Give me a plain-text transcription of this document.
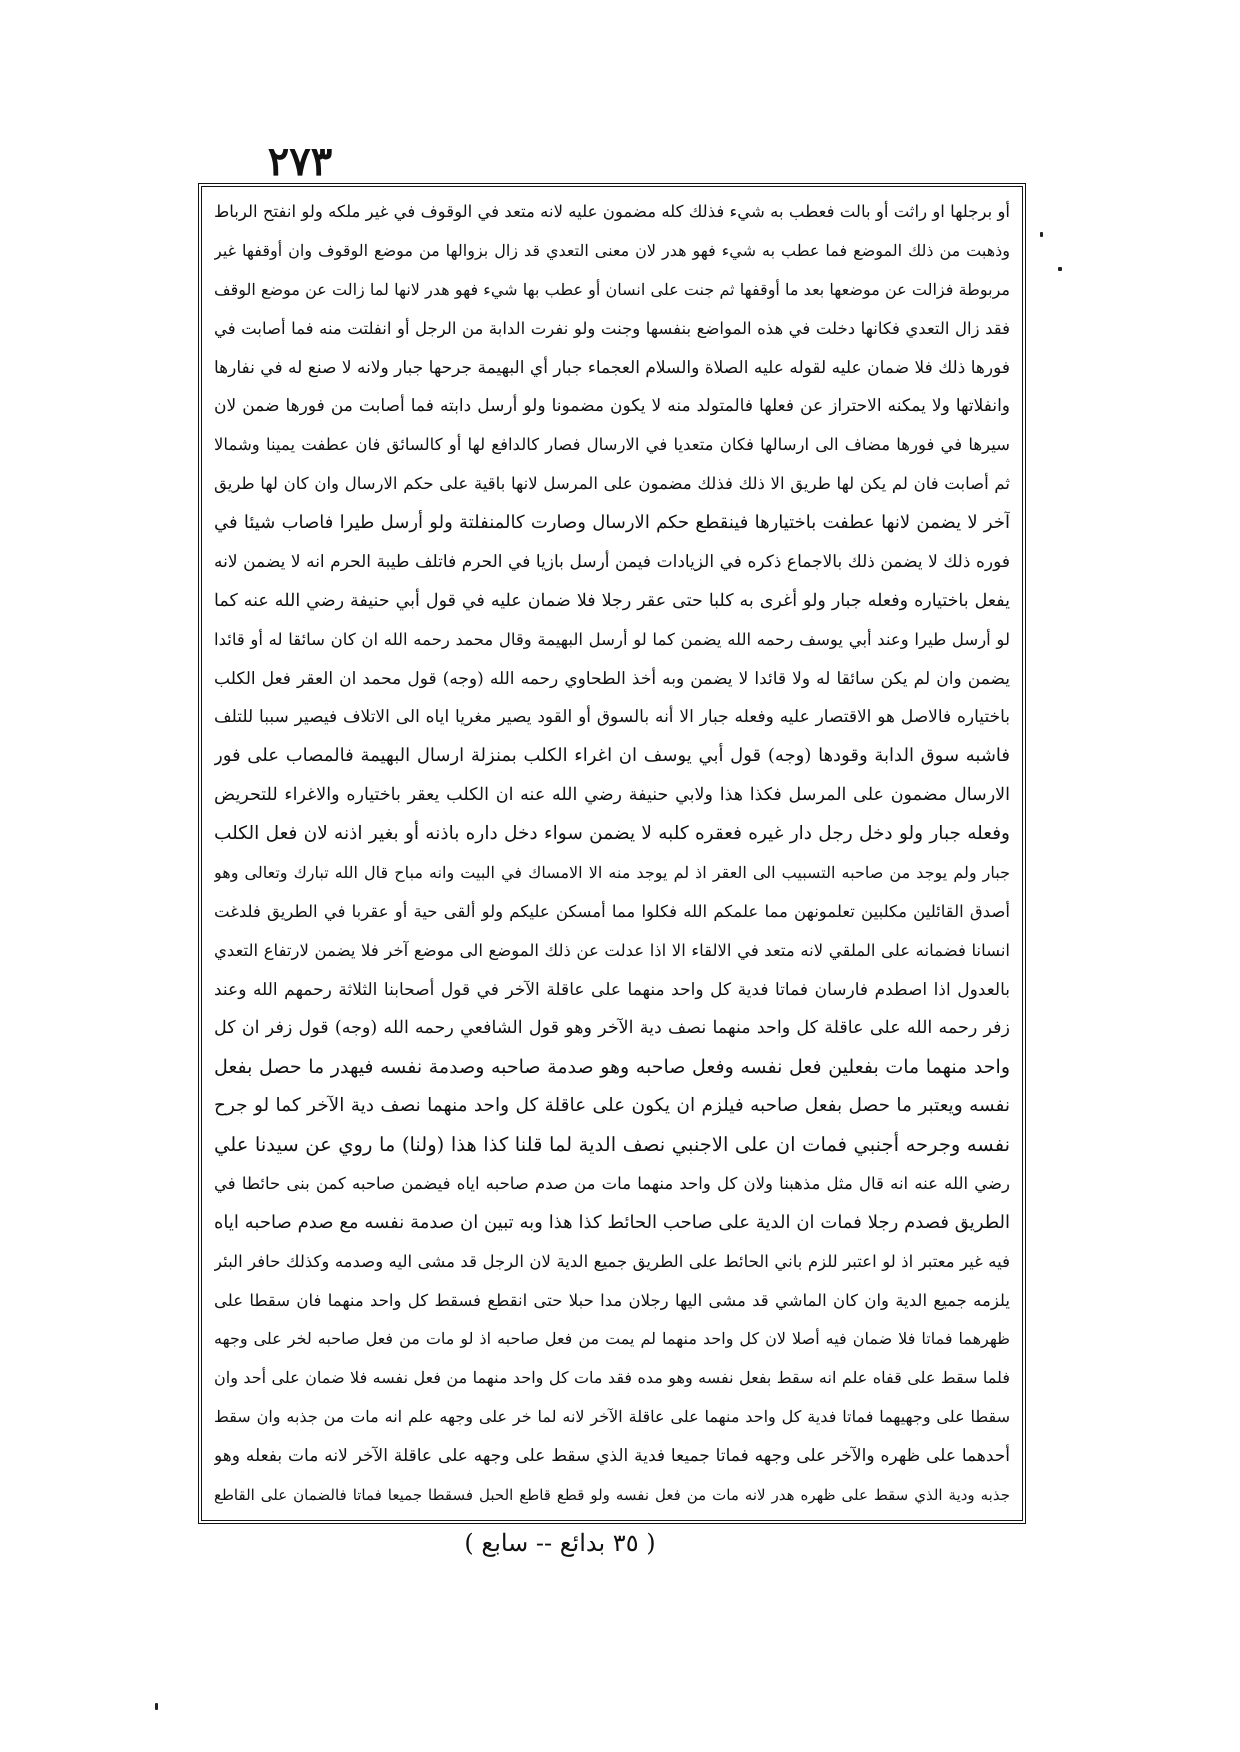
٢٧٣
أو برجلها او راثت أو بالت فعطب به شيء فذلك كله مضمون عليه لانه متعد في الوقوف في غير ملكه ولو انفتح الرباط
وذهبت من ذلك الموضع فما عطب به شيء فهو هدر لان معنى التعدي قد زال بزوالها من موضع الوقوف وان أوقفها غير
مربوطة فزالت عن موضعها بعد ما أوقفها ثم جنت على انسان أو عطب بها شيء فهو هدر لانها لما زالت عن موضع الوقف
فقد زال التعدي فكانها دخلت في هذه المواضع بنفسها وجنت ولو نفرت الدابة من الرجل أو انفلتت منه فما أصابت في
فورها ذلك فلا ضمان عليه لقوله عليه الصلاة والسلام العجماء جبار أي البهيمة جرحها جبار ولانه لا صنع له في نفارها
وانفلاتها ولا يمكنه الاحتراز عن فعلها فالمتولد منه لا يكون مضمونا ولو أرسل دابته فما أصابت من فورها ضمن لان
سيرها في فورها مضاف الى ارسالها فكان متعديا في الارسال فصار كالدافع لها أو كالسائق فان عطفت يمينا وشمالا
ثم أصابت فان لم يكن لها طريق الا ذلك فذلك مضمون على المرسل لانها باقية على حكم الارسال وان كان لها طريق
آخر لا يضمن لانها عطفت باختيارها فينقطع حكم الارسال وصارت كالمنفلتة ولو أرسل طيرا فاصاب شيئا في
فوره ذلك لا يضمن ذلك بالاجماع ذكره في الزيادات فيمن أرسل بازيا في الحرم فاتلف طيبة الحرم انه لا يضمن لانه
يفعل باختياره وفعله جبار ولو أغرى به كلبا حتى عقر رجلا فلا ضمان عليه في قول أبي حنيفة رضي الله عنه كما
لو أرسل طيرا وعند أبي يوسف رحمه الله يضمن كما لو أرسل البهيمة وقال محمد رحمه الله ان كان سائقا له أو قائدا
يضمن وان لم يكن سائقا له ولا قائدا لا يضمن وبه أخذ الطحاوي رحمه الله (وجه) قول محمد ان العقر فعل الكلب
باختياره فالاصل هو الاقتصار عليه وفعله جبار الا أنه بالسوق أو القود يصير مغريا اياه الى الاتلاف فيصير سببا للتلف
فاشبه سوق الدابة وقودها (وجه) قول أبي يوسف ان اغراء الكلب بمنزلة ارسال البهيمة فالمصاب على فور
الارسال مضمون على المرسل فكذا هذا ولابي حنيفة رضي الله عنه ان الكلب يعقر باختياره والاغراء للتحريض
وفعله جبار ولو دخل رجل دار غيره فعقره كلبه لا يضمن سواء دخل داره باذنه أو بغير اذنه لان فعل الكلب
جبار ولم يوجد من صاحبه التسبيب الى العقر اذ لم يوجد منه الا الامساك في البيت وانه مباح قال الله تبارك وتعالى وهو
أصدق القائلين مكلبين تعلمونهن مما علمكم الله فكلوا مما أمسكن عليكم ولو ألقى حية أو عقربا في الطريق فلدغت
انسانا فضمانه على الملقي لانه متعد في الالقاء الا اذا عدلت عن ذلك الموضع الى موضع آخر فلا يضمن لارتفاع التعدي
بالعدول اذا اصطدم فارسان فماتا فدية كل واحد منهما على عاقلة الآخر في قول أصحابنا الثلاثة رحمهم الله وعند
زفر رحمه الله على عاقلة كل واحد منهما نصف دية الآخر وهو قول الشافعي رحمه الله (وجه) قول زفر ان كل
واحد منهما مات بفعلين فعل نفسه وفعل صاحبه وهو صدمة صاحبه وصدمة نفسه فيهدر ما حصل بفعل
نفسه ويعتبر ما حصل بفعل صاحبه فيلزم ان يكون على عاقلة كل واحد منهما نصف دية الآخر كما لو جرح
نفسه وجرحه أجنبي فمات ان على الاجنبي نصف الدية لما قلنا كذا هذا (ولنا) ما روي عن سيدنا علي
رضي الله عنه انه قال مثل مذهبنا ولان كل واحد منهما مات من صدم صاحبه اياه فيضمن صاحبه كمن بنى حائطا في
الطريق فصدم رجلا فمات ان الدية على صاحب الحائط كذا هذا وبه تبين ان صدمة نفسه مع صدم صاحبه اياه
فيه غير معتبر اذ لو اعتبر للزم باني الحائط على الطريق جميع الدية لان الرجل قد مشى اليه وصدمه وكذلك حافر البئر
يلزمه جميع الدية وان كان الماشي قد مشى اليها رجلان مدا حبلا حتى انقطع فسقط كل واحد منهما فان سقطا على
ظهرهما فماتا فلا ضمان فيه أصلا لان كل واحد منهما لم يمت من فعل صاحبه اذ لو مات من فعل صاحبه لخر على وجهه
فلما سقط على قفاه علم انه سقط بفعل نفسه وهو مده فقد مات كل واحد منهما من فعل نفسه فلا ضمان على أحد وان
سقطا على وجهيهما فماتا فدية كل واحد منهما على عاقلة الآخر لانه لما خر على وجهه علم انه مات من جذبه وان سقط
أحدهما على ظهره والآخر على وجهه فماتا جميعا فدية الذي سقط على وجهه على عاقلة الآخر لانه مات بفعله وهو
جذبه ودية الذي سقط على ظهره هدر لانه مات من فعل نفسه ولو قطع قاطع الحبل فسقطا جميعا فماتا فالضمان على القاطع
( ٣٥ بدائع -- سابع )
